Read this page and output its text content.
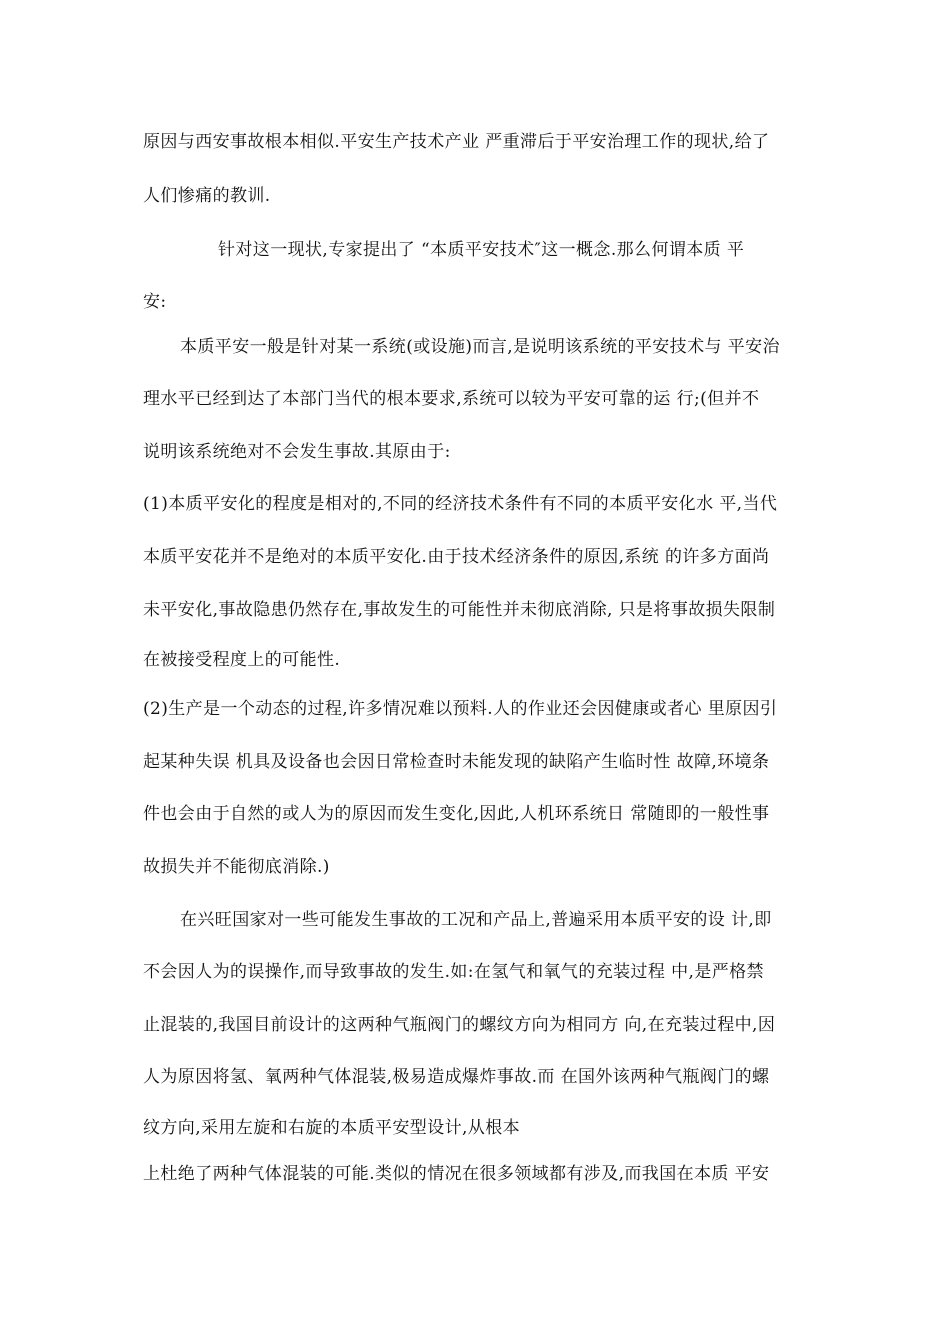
原因与西安事故根本相似.平安生产技术产业 严重滞后于平安治理工作的现状,给了
人们惨痛的教训.
针对这一现状,专家提出了 “本质平安技术″这一概念.那么何谓本质 平
安:
本质平安一般是针对某一系统(或设施)而言,是说明该系统的平安技术与 平安治
理水平已经到达了本部门当代的根本要求,系统可以较为平安可靠的运 行;(但并不
说明该系统绝对不会发生事故.其原由于:
(1)本质平安化的程度是相对的,不同的经济技术条件有不同的本质平安化水 平,当代
本质平安花并不是绝对的本质平安化.由于技术经济条件的原因,系统 的许多方面尚
未平安化,事故隐患仍然存在,事故发生的可能性并未彻底消除, 只是将事故损失限制
在被接受程度上的可能性.
(2)生产是一个动态的过程,许多情况难以预料.人的作业还会因健康或者心 里原因引
起某种失误 机具及设备也会因日常检查时未能发现的缺陷产生临时性 故障,环境条
件也会由于自然的或人为的原因而发生变化,因此,人机环系统日 常随即的一般性事
故损失并不能彻底消除.)
在兴旺国家对一些可能发生事故的工况和产品上,普遍采用本质平安的设 计,即
不会因人为的误操作,而导致事故的发生.如:在氢气和氧气的充装过程 中,是严格禁
止混装的,我国目前设计的这两种气瓶阀门的螺纹方向为相同方 向,在充装过程中,因
人为原因将氢、氧两种气体混装,极易造成爆炸事故.而 在国外该两种气瓶阀门的螺
纹方向,采用左旋和右旋的本质平安型设计,从根本
上杜绝了两种气体混装的可能.类似的情况在很多领域都有涉及,而我国在本质 平安
